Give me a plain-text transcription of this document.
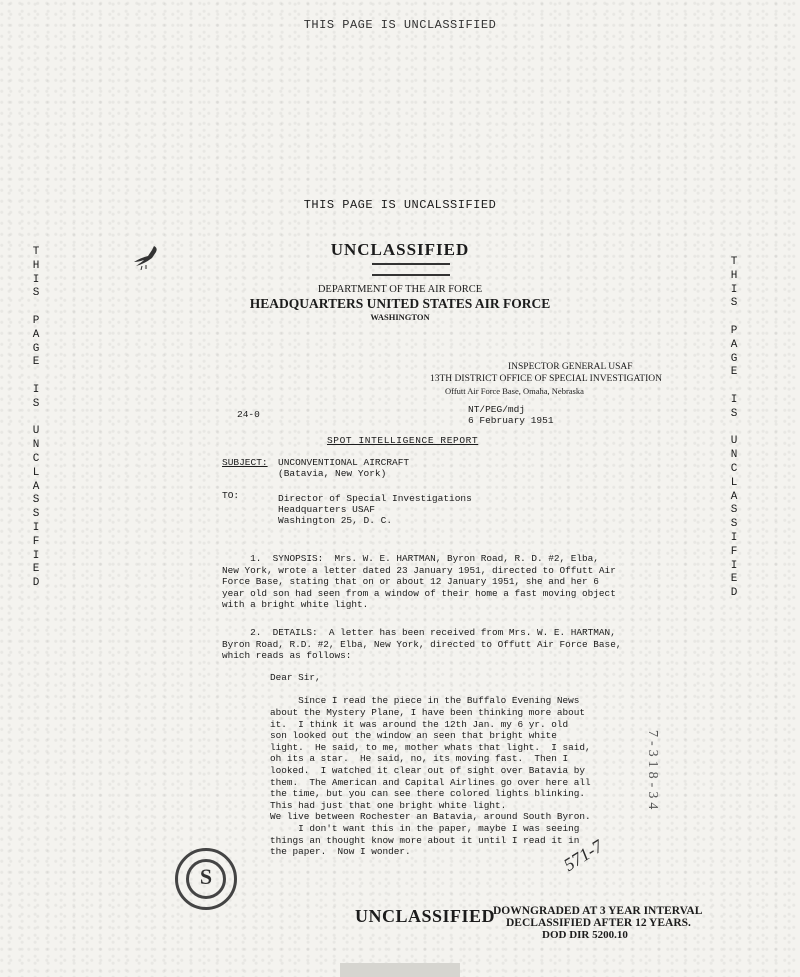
THIS PAGE IS UNCLASSIFIED
THIS PAGE IS UNCALSSIFIED
UNCLASSIFIED
T
H
I
S

P
A
G
E

I
S

U
N
C
L
A
S
S
I
F
I
E
D
T
H
I
S

P
A
G
E

I
S

U
N
C
L
A
S
S
I
F
I
E
D
DEPARTMENT OF THE AIR FORCE
HEADQUARTERS UNITED STATES AIR FORCE
WASHINGTON
INSPECTOR GENERAL USAF
13TH DISTRICT OFFICE OF SPECIAL INVESTIGATION
Offutt Air Force Base, Omaha, Nebraska
24-0	NT/PEG/mdj
6 February 1951
SPOT INTELLIGENCE REPORT
SUBJECT: UNCONVENTIONAL AIRCRAFT
(Batavia, New York)
TO:	Director of Special Investigations
Headquarters USAF
Washington 25, D. C.
1.  SYNOPSIS:  Mrs. W. E. HARTMAN, Byron Road, R. D. #2, Elba,
New York, wrote a letter dated 23 January 1951, directed to Offutt Air
Force Base, stating that on or about 12 January 1951, she and her 6
year old son had seen from a window of their home a fast moving object
with a bright white light.
2.  DETAILS:  A letter has been received from Mrs. W. E. HARTMAN,
Byron Road, R.D. #2, Elba, New York, directed to Offutt Air Force Base,
which reads as follows:
Dear Sir,
Since I read the piece in the Buffalo Evening News
about the Mystery Plane, I have been thinking more about
it.  I think it was around the 12th Jan. my 6 yr. old
son looked out the window an seen that bright white
light.  He said, to me, mother whats that light.  I said,
oh its a star.  He said, no, its moving fast.  Then I
looked.  I watched it clear out of sight over Batavia by
them.  The American and Capital Airlines go over here all
the time, but you can see there colored lights blinking.
This had just that one bright white light.
We live between Rochester an Batavia, around South Byron.
I don't want this in the paper, maybe I was seeing
things an thought know more about it until I read it in
the paper.  Now I wonder.
S
571-7
7-318-34
UNCLASSIFIED
DOWNGRADED AT 3 YEAR INTERVAL
DECLASSIFIED AFTER 12 YEARS.
DOD DIR 5200.10
